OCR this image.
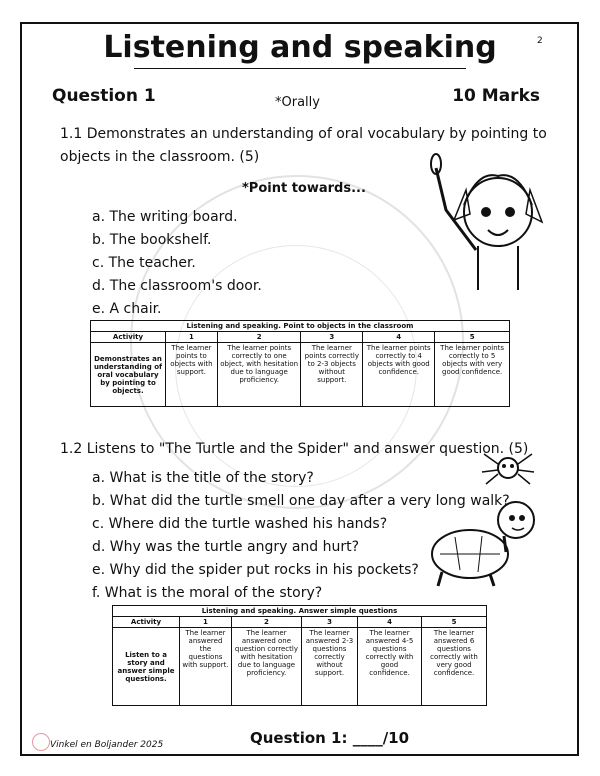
2
Listening and speaking
Question 1	*Orally	10 Marks
1.1 Demonstrates an understanding of oral vocabulary by pointing to
objects in the classroom. (5)
*Point towards...
a. The writing board.
b. The bookshelf.
c. The teacher.
d. The classroom's door.
e. A chair.
Listening and speaking. Point to objects in the classroom					
Activity	1	2	3	4	5
Demonstrates an understanding of oral vocabulary by pointing to objects.	The learner points to objects with support.	The learner points correctly to one object, with hesitation due to language proficiency.	The learner points correctly to 2-3 objects without support.	The learner points correctly to 4 objects with good confidence.	The learner points correctly to 5 objects with very good confidence.
1.2 Listens to "The Turtle and the Spider" and answer question. (5)
a. What is the title of the story?
b. What did the turtle smell one day after a very long walk?
c. Where did the turtle washed his hands?
d. Why was the turtle angry and hurt?
e. Why did the spider put rocks in his pockets?
f. What is the moral of the story?
Listening and speaking. Answer simple questions					
Activity	1	2	3	4	5
Listen to a story and answer simple questions.	The learner answered the questions with support.	The learner answered one question correctly with hesitation due to language proficiency.	The learner answered 2-3 questions correctly without support.	The learner answered 4-5 questions correctly with good confidence.	The learner answered 6 questions correctly with very good confidence.
Vinkel en Boljander 2025	Question 1: ____/10
